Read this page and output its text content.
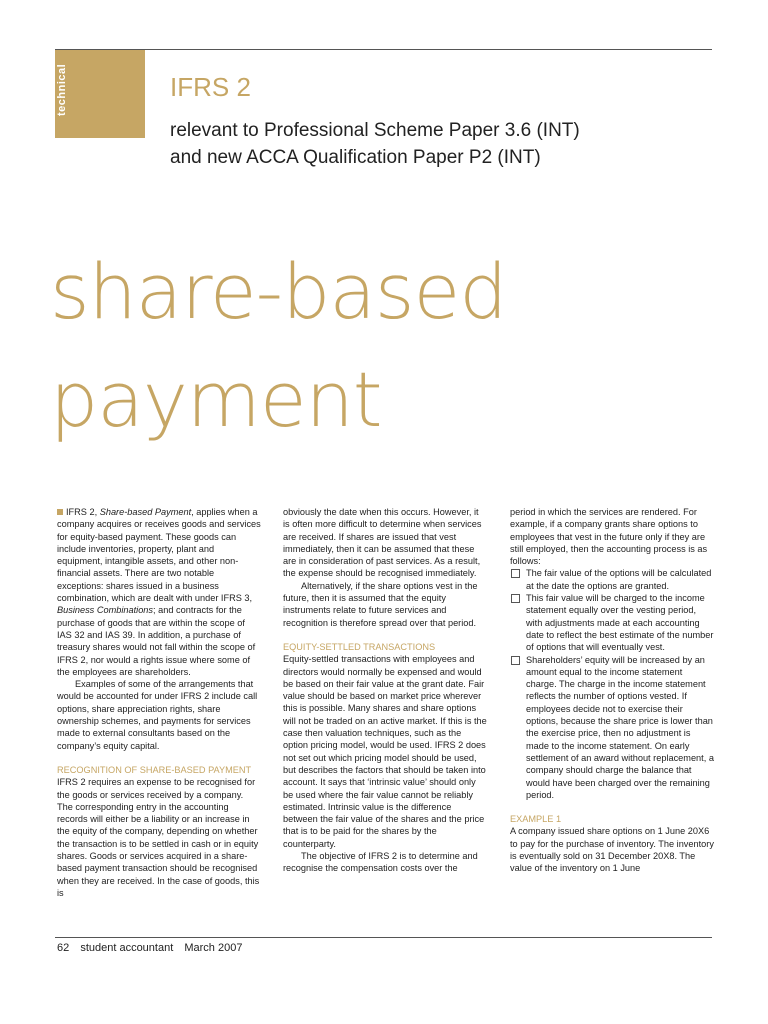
technical	IFRS 2
relevant to Professional Scheme Paper 3.6 (INT)
and new ACCA Qualification Paper P2 (INT)
share-based
payment

IFRS 2, Share-based Payment, applies when a company acquires or receives goods and services for equity-based payment. These goods can include inventories, property, plant and equipment, intangible assets, and other non-financial assets. There are two notable exceptions: shares issued in a business combination, which are dealt with under IFRS 3, Business Combinations; and contracts for the purchase of goods that are within the scope of IAS 32 and IAS 39. In addition, a purchase of treasury shares would not fall within the scope of IFRS 2, nor would a rights issue where some of the employees are shareholders.

Examples of some of the arrangements that would be accounted for under IFRS 2 include call options, share appreciation rights, share ownership schemes, and payments for services made to external consultants based on the company’s equity capital.

RECOGNITION OF SHARE-BASED PAYMENT

IFRS 2 requires an expense to be recognised for the goods or services received by a company. The corresponding entry in the accounting records will either be a liability or an increase in the equity of the company, depending on whether the transaction is to be settled in cash or in equity shares. Goods or services acquired in a share-based payment transaction should be recognised when they are received. In the case of goods, this is

obviously the date when this occurs. However, it is often more difficult to determine when services are received. If shares are issued that vest immediately, then it can be assumed that these are in consideration of past services. As a result, the expense should be recognised immediately.

Alternatively, if the share options vest in the future, then it is assumed that the equity instruments relate to future services and recognition is therefore spread over that period.

EQUITY-SETTLED TRANSACTIONS

Equity-settled transactions with employees and directors would normally be expensed and would be based on their fair value at the grant date. Fair value should be based on market price wherever this is possible. Many shares and share options will not be traded on an active market. If this is the case then valuation techniques, such as the option pricing model, would be used. IFRS 2 does not set out which pricing model should be used, but describes the factors that should be taken into account. It says that ‘intrinsic value’ should only be used where the fair value cannot be reliably estimated. Intrinsic value is the difference between the fair value of the shares and the price that is to be paid for the shares by the counterparty.

The objective of IFRS 2 is to determine and recognise the compensation costs over the

period in which the services are rendered. For example, if a company grants share options to employees that vest in the future only if they are still employed, then the accounting process is as follows:

The fair value of the options will be calculated at the date the options are granted.
This fair value will be charged to the income statement equally over the vesting period, with adjustments made at each accounting date to reflect the best estimate of the number of options that will eventually vest.
Shareholders’ equity will be increased by an amount equal to the income statement charge. The charge in the income statement reflects the number of options vested. If employees decide not to exercise their options, because the share price is lower than the exercise price, then no adjustment is made to the income statement. On early settlement of an award without replacement, a company should charge the balance that would have been charged over the remaining period.

EXAMPLE 1

A company issued share options on 1 June 20X6 to pay for the purchase of inventory. The inventory is eventually sold on 31 December 20X8. The value of the inventory on 1 June

62 student accountant March 2007
